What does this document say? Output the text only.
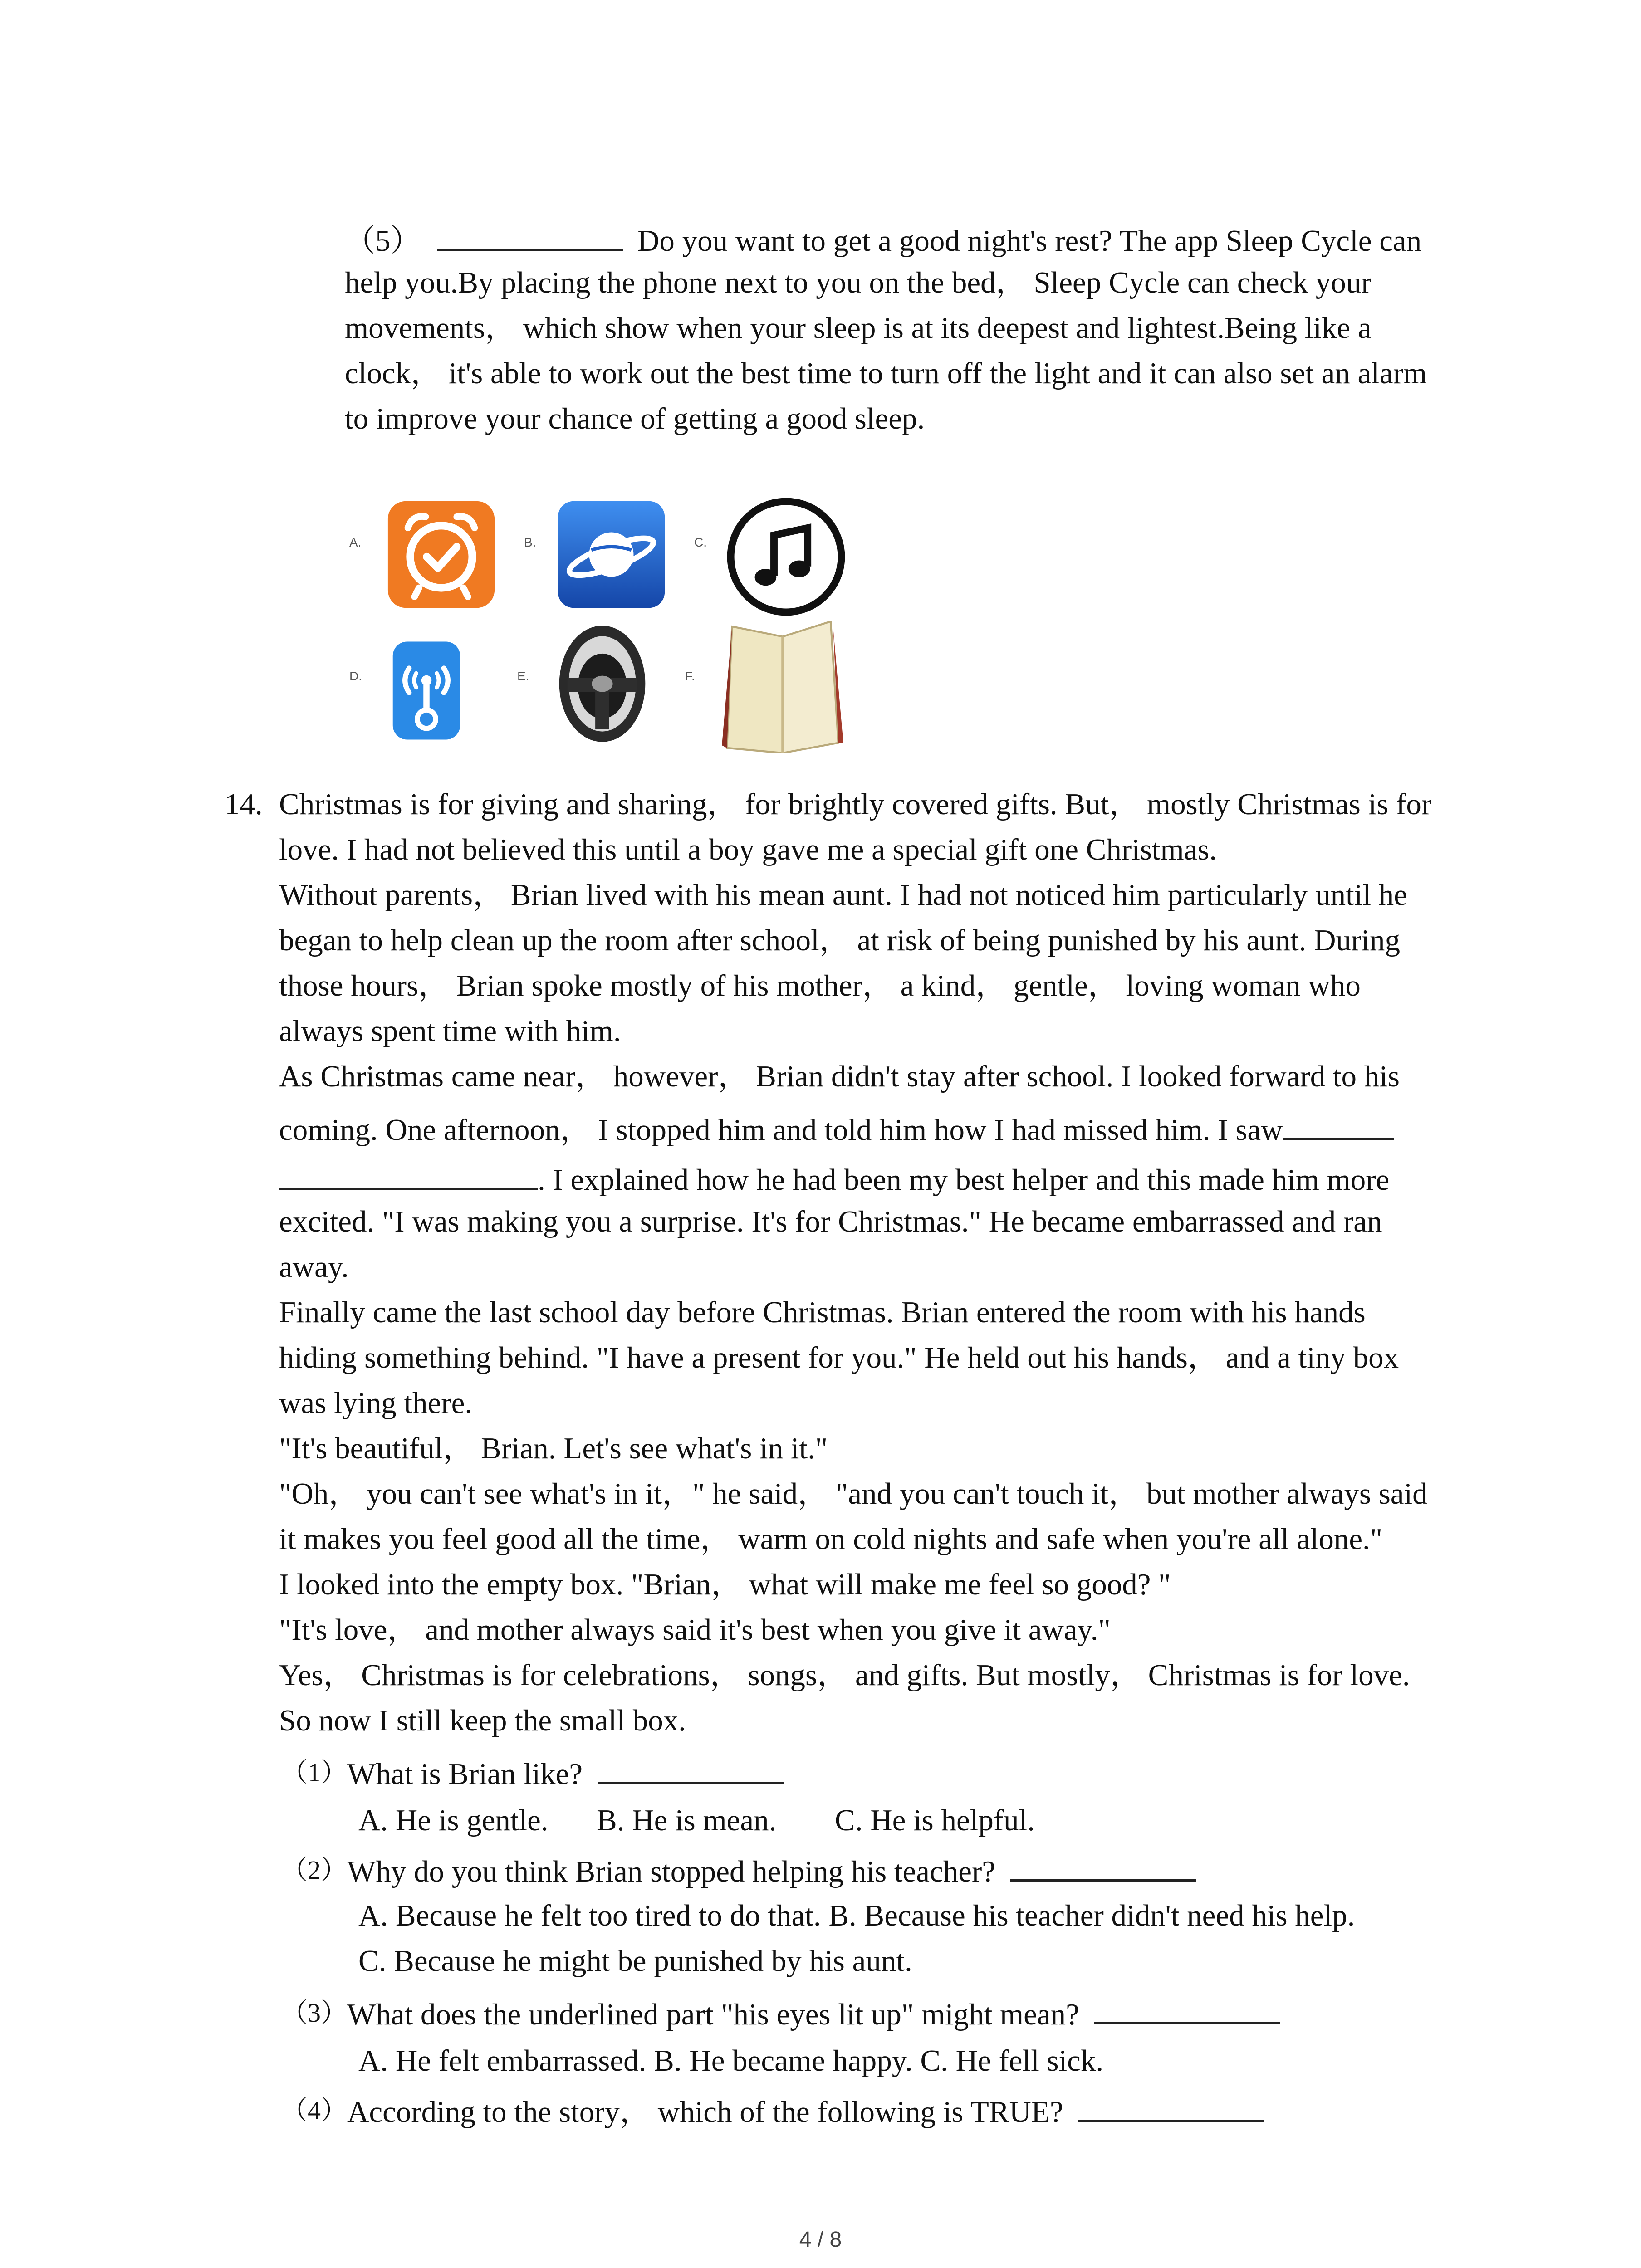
（5）	Do you want to get a good night's rest? The app Sleep Cycle can
help you.By placing the phone next to you on the bed， Sleep Cycle can check your
movements， which show when your sleep is at its deepest and lightest.Being like a
clock， it's able to work out the best time to turn off the light and it can also set an alarm
to improve your chance of getting a good sleep.
A.	B.	C.
D.	E.	F.
14. Christmas is for giving and sharing， for brightly covered gifts. But， mostly Christmas is for
love. I had not believed this until a boy gave me a special gift one Christmas.
Without parents， Brian lived with his mean aunt. I had not noticed him particularly until he
began to help clean up the room after school， at risk of being punished by his aunt. During
those hours， Brian spoke mostly of his mother， a kind， gentle， loving woman who
always spent time with him.
As Christmas came near， however， Brian didn't stay after school. I looked forward to his
coming. One afternoon， I stopped him and told him how I had missed him. I saw
. I explained how he had been my best helper and this made him more
excited. "I was making you a surprise. It's for Christmas." He became embarrassed and ran
away.
Finally came the last school day before Christmas. Brian entered the room with his hands
hiding something behind. "I have a present for you." He held out his hands， and a tiny box
was lying there.
"It's beautiful， Brian. Let's see what's in it."
"Oh， you can't see what's in it，" he said， "and you can't touch it， but mother always said
it makes you feel good all the time， warm on cold nights and safe when you're all alone."
I looked into the empty box. "Brian， what will make me feel so good? "
"It's love， and mother always said it's best when you give it away."
Yes， Christmas is for celebrations， songs， and gifts. But mostly， Christmas is for love.
So now I still keep the small box.
（1） What is Brian like?
A. He is gentle. B. He is mean. C. He is helpful.
（2） Why do you think Brian stopped helping his teacher?
A. Because he felt too tired to do that. B. Because his teacher didn't need his help.
C. Because he might be punished by his aunt.
（3） What does the underlined part "his eyes lit up" might mean?
A. He felt embarrassed. B. He became happy. C. He fell sick.
（4） According to the story， which of the following is TRUE?
4 / 8
